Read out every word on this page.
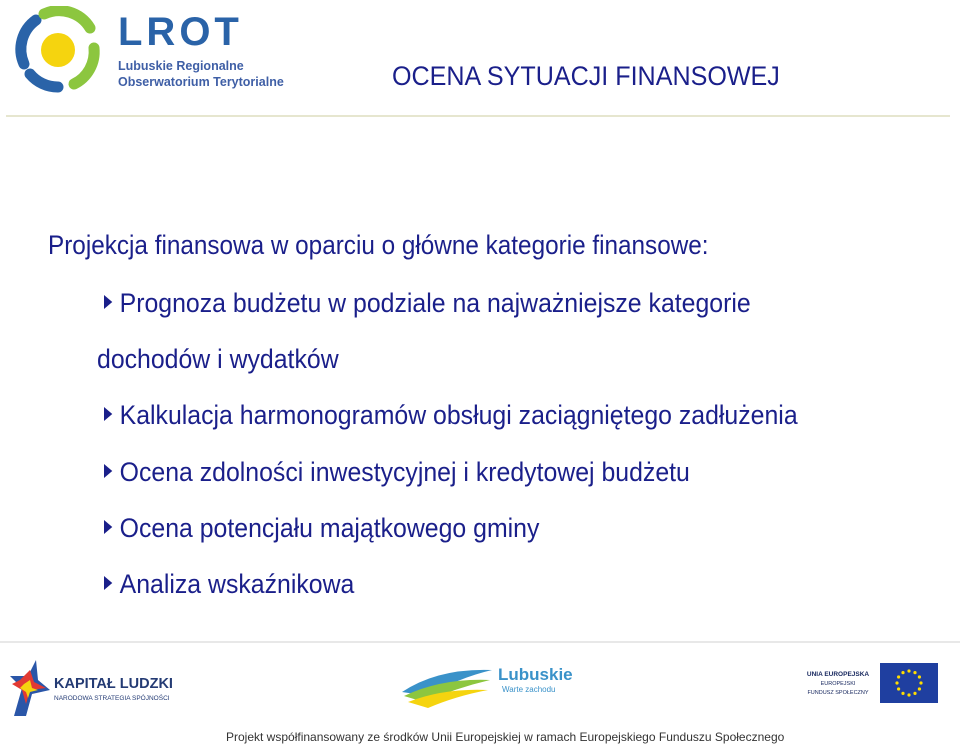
LROT
Lubuskie Regionalne
Obserwatorium Terytorialne	OCENA SYTUACJI FINANSOWEJ
Projekcja finansowa w oparciu o główne kategorie finansowe:
Prognoza budżetu w podziale na najważniejsze kategorie
dochodów i wydatków
Kalkulacja harmonogramów obsługi zaciągniętego zadłużenia
Ocena zdolności inwestycyjnej i kredytowej budżetu
Ocena potencjału majątkowego gminy
Analiza wskaźnikowa
KAPITAŁ LUDZKI
NARODOWA STRATEGIA SPÓJNOŚCI
Lubuskie
Warte zachodu
UNIA EUROPEJSKA
EUROPEJSKI
FUNDUSZ SPOŁECZNY
Projekt współfinansowany ze środków Unii Europejskiej w ramach Europejskiego Funduszu Społecznego
